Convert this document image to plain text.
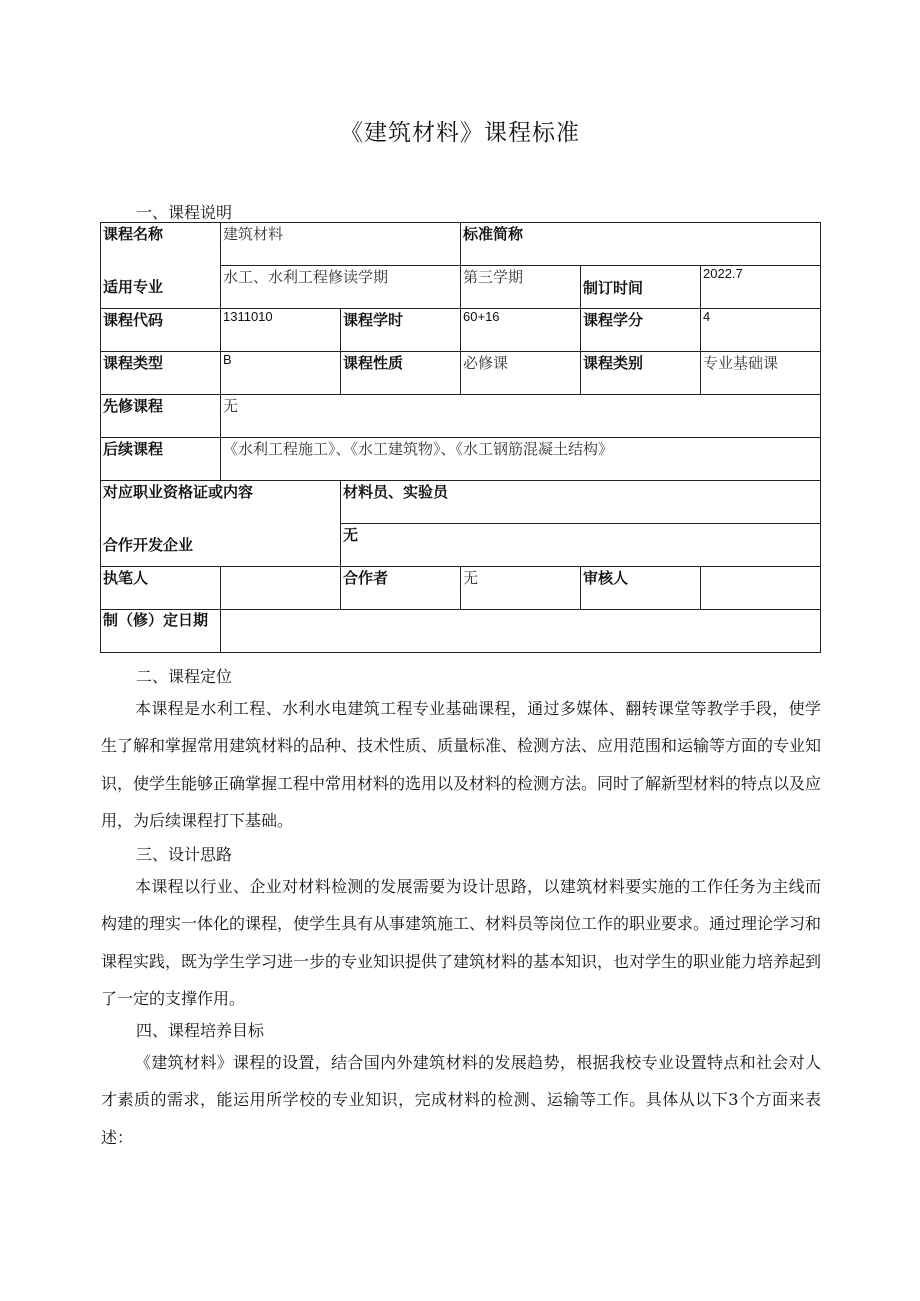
《建筑材料》课程标准
一、课程说明
课程名称	建筑材料		标准简称		
适用专业	水工、水利工程修读学期		第三学期	制订时间	2022.7
课程代码	1311010	课程学时	60+16	课程学分	4
课程类型	B	课程性质	必修课	课程类别	专业基础课
先修课程	无				
后续课程	《水利工程施工》、《水工建筑物》、《水工钢筋混凝土结构》				
对应职业资格证或内容		材料员、实验员			
合作开发企业		无			
执笔人		合作者	无	审核人	
制（修）定日期					
二、课程定位

本课程是水利工程、水利水电建筑工程专业基础课程，通过多媒体、翻转课堂等教学手段，使学生了解和掌握常用建筑材料的品种、技术性质、质量标准、检测方法、应用范围和运输等方面的专业知识，使学生能够正确掌握工程中常用材料的选用以及材料的检测方法。同时了解新型材料的特点以及应用，为后续课程打下基础。

三、设计思路

本课程以行业、企业对材料检测的发展需要为设计思路，以建筑材料要实施的工作任务为主线而构建的理实一体化的课程，使学生具有从事建筑施工、材料员等岗位工作的职业要求。通过理论学习和课程实践，既为学生学习进一步的专业知识提供了建筑材料的基本知识，也对学生的职业能力培养起到了一定的支撑作用。

四、课程培养目标

《建筑材料》课程的设置，结合国内外建筑材料的发展趋势，根据我校专业设置特点和社会对人才素质的需求，能运用所学校的专业知识，完成材料的检测、运输等工作。具体从以下3个方面来表述：
